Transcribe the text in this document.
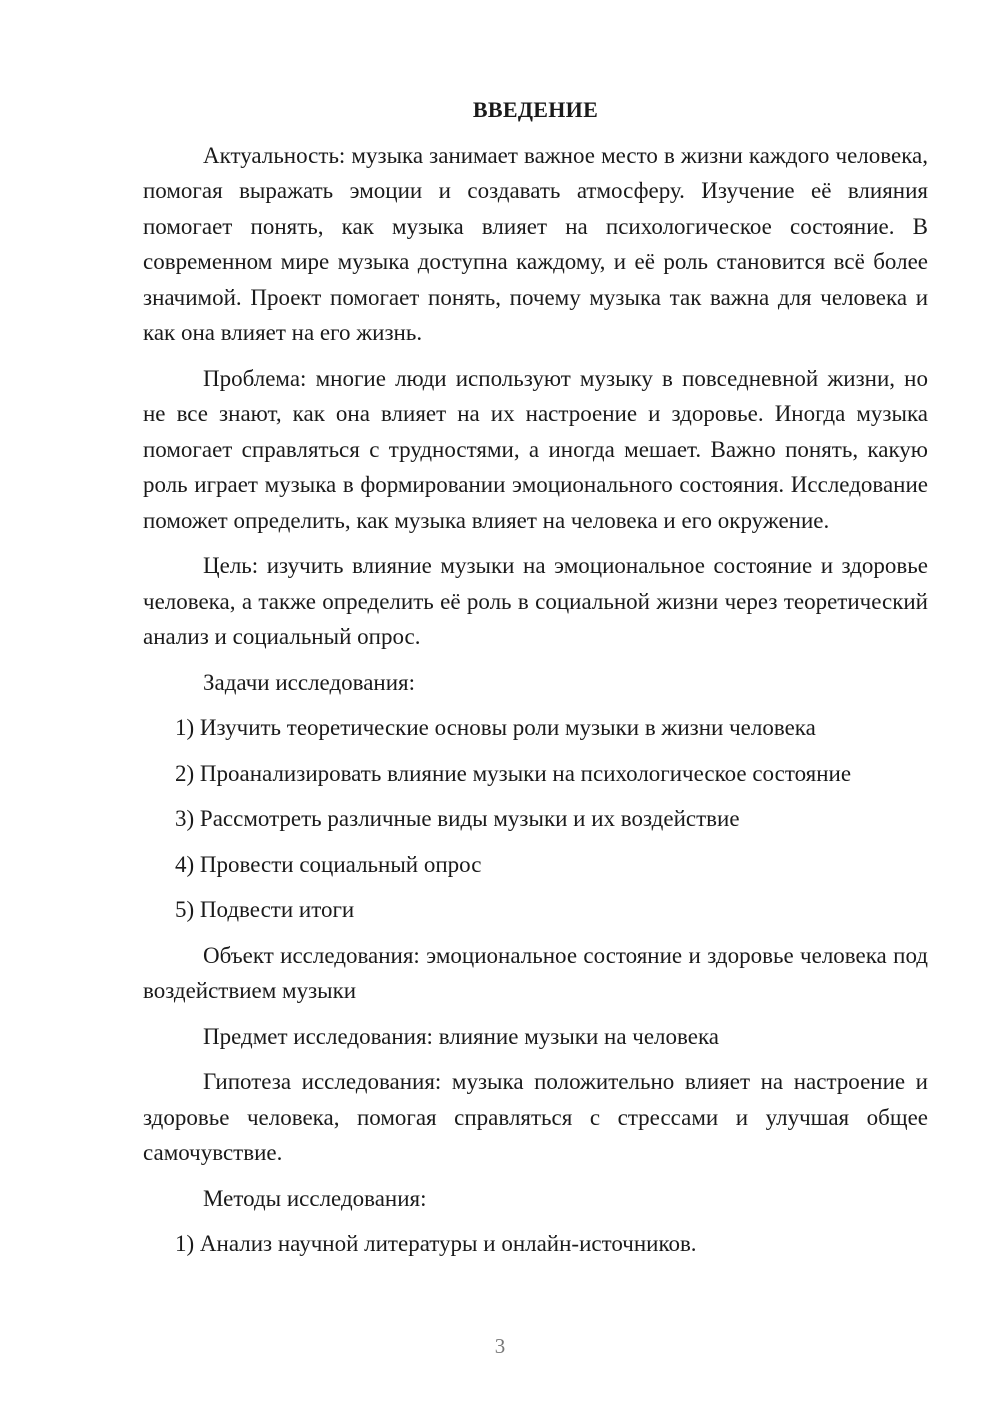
ВВЕДЕНИЕ

Актуальность: музыка занимает важное место в жизни каждого человека, помогая выражать эмоции и создавать атмосферу. Изучение её влияния помогает понять, как музыка влияет на психологическое состояние. В современном мире музыка доступна каждому, и её роль становится всё более значимой. Проект помогает понять, почему музыка так важна для человека и как она влияет на его жизнь.

Проблема: многие люди используют музыку в повседневной жизни, но не все знают, как она влияет на их настроение и здоровье. Иногда музыка помогает справляться с трудностями, а иногда мешает. Важно понять, какую роль играет музыка в формировании эмоционального состояния. Исследование поможет определить, как музыка влияет на человека и его окружение.

Цель: изучить влияние музыки на эмоциональное состояние и здоровье человека, а также определить её роль в социальной жизни через теоретический анализ и социальный опрос.

Задачи исследования:

1) Изучить теоретические основы роли музыки в жизни человека

2) Проанализировать влияние музыки на психологическое состояние

3) Рассмотреть различные виды музыки и их воздействие

4) Провести социальный опрос

5) Подвести итоги

Объект исследования: эмоциональное состояние и здоровье человека под воздействием музыки

Предмет исследования: влияние музыки на человека

Гипотеза исследования: музыка положительно влияет на настроение и здоровье человека, помогая справляться с стрессами и улучшая общее самочувствие.

Методы исследования:

1) Анализ научной литературы и онлайн-источников.

3
